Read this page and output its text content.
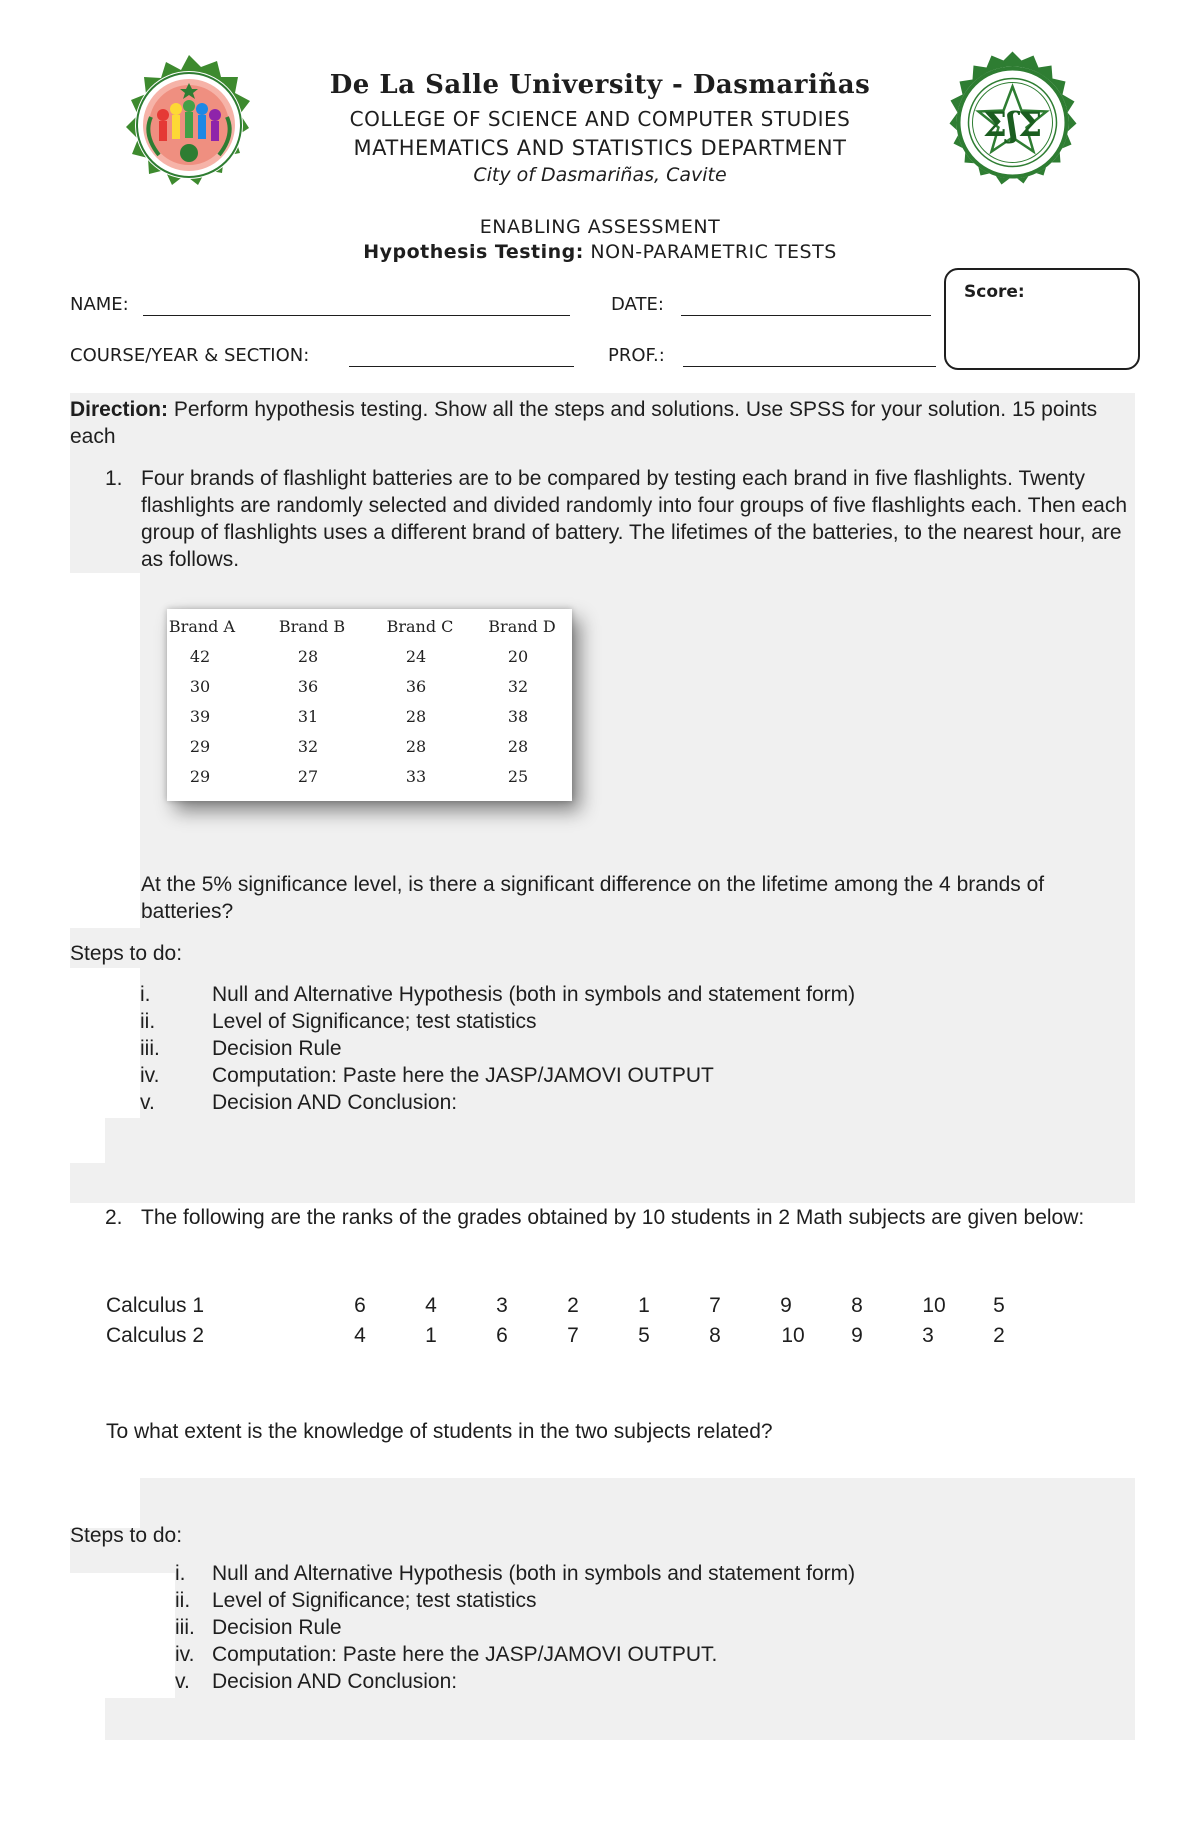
ΣʃΣ
De La Salle University - Dasmariñas
COLLEGE OF SCIENCE AND COMPUTER STUDIES
MATHEMATICS AND STATISTICS DEPARTMENT
City of Dasmariñas, Cavite
ENABLING ASSESSMENT
Hypothesis Testing: NON-PARAMETRIC TESTS
NAME:	DATE:
COURSE/YEAR & SECTION:	PROF.:
Score:
Direction: Perform hypothesis testing. Show all the steps and solutions. Use SPSS for your solution. 15 points each
1. Four brands of flashlight batteries are to be compared by testing each brand in five flashlights. Twenty flashlights are randomly selected and divided randomly into four groups of five flashlights each. Then each group of flashlights uses a different brand of battery. The lifetimes of the batteries, to the nearest hour, are as follows.
Brand A	Brand B	Brand C	Brand D
42	28	24	20
30	36	36	32
39	31	28	38
29	32	28	28
29	27	33	25
At the 5% significance level, is there a significant difference on the lifetime among the 4 brands of batteries?
Steps to do:
i.	Null and Alternative Hypothesis (both in symbols and statement form)
ii.	Level of Significance; test statistics
iii. Decision Rule
iv.	Computation: Paste here the JASP/JAMOVI OUTPUT
v.	Decision AND Conclusion:
2. The following are the ranks of the grades obtained by 10 students in 2 Math subjects are given below:
Calculus 1	6	4	3	2	1	7	9	8	10	5
Calculus 2	4	1	6	7	5	8	10	9	3	2
To what extent is the knowledge of students in the two subjects related?
Steps to do:
i. Null and Alternative Hypothesis (both in symbols and statement form)
ii. Level of Significance; test statistics
iii. Decision Rule
iv. Computation: Paste here the JASP/JAMOVI OUTPUT.
v. Decision AND Conclusion:
